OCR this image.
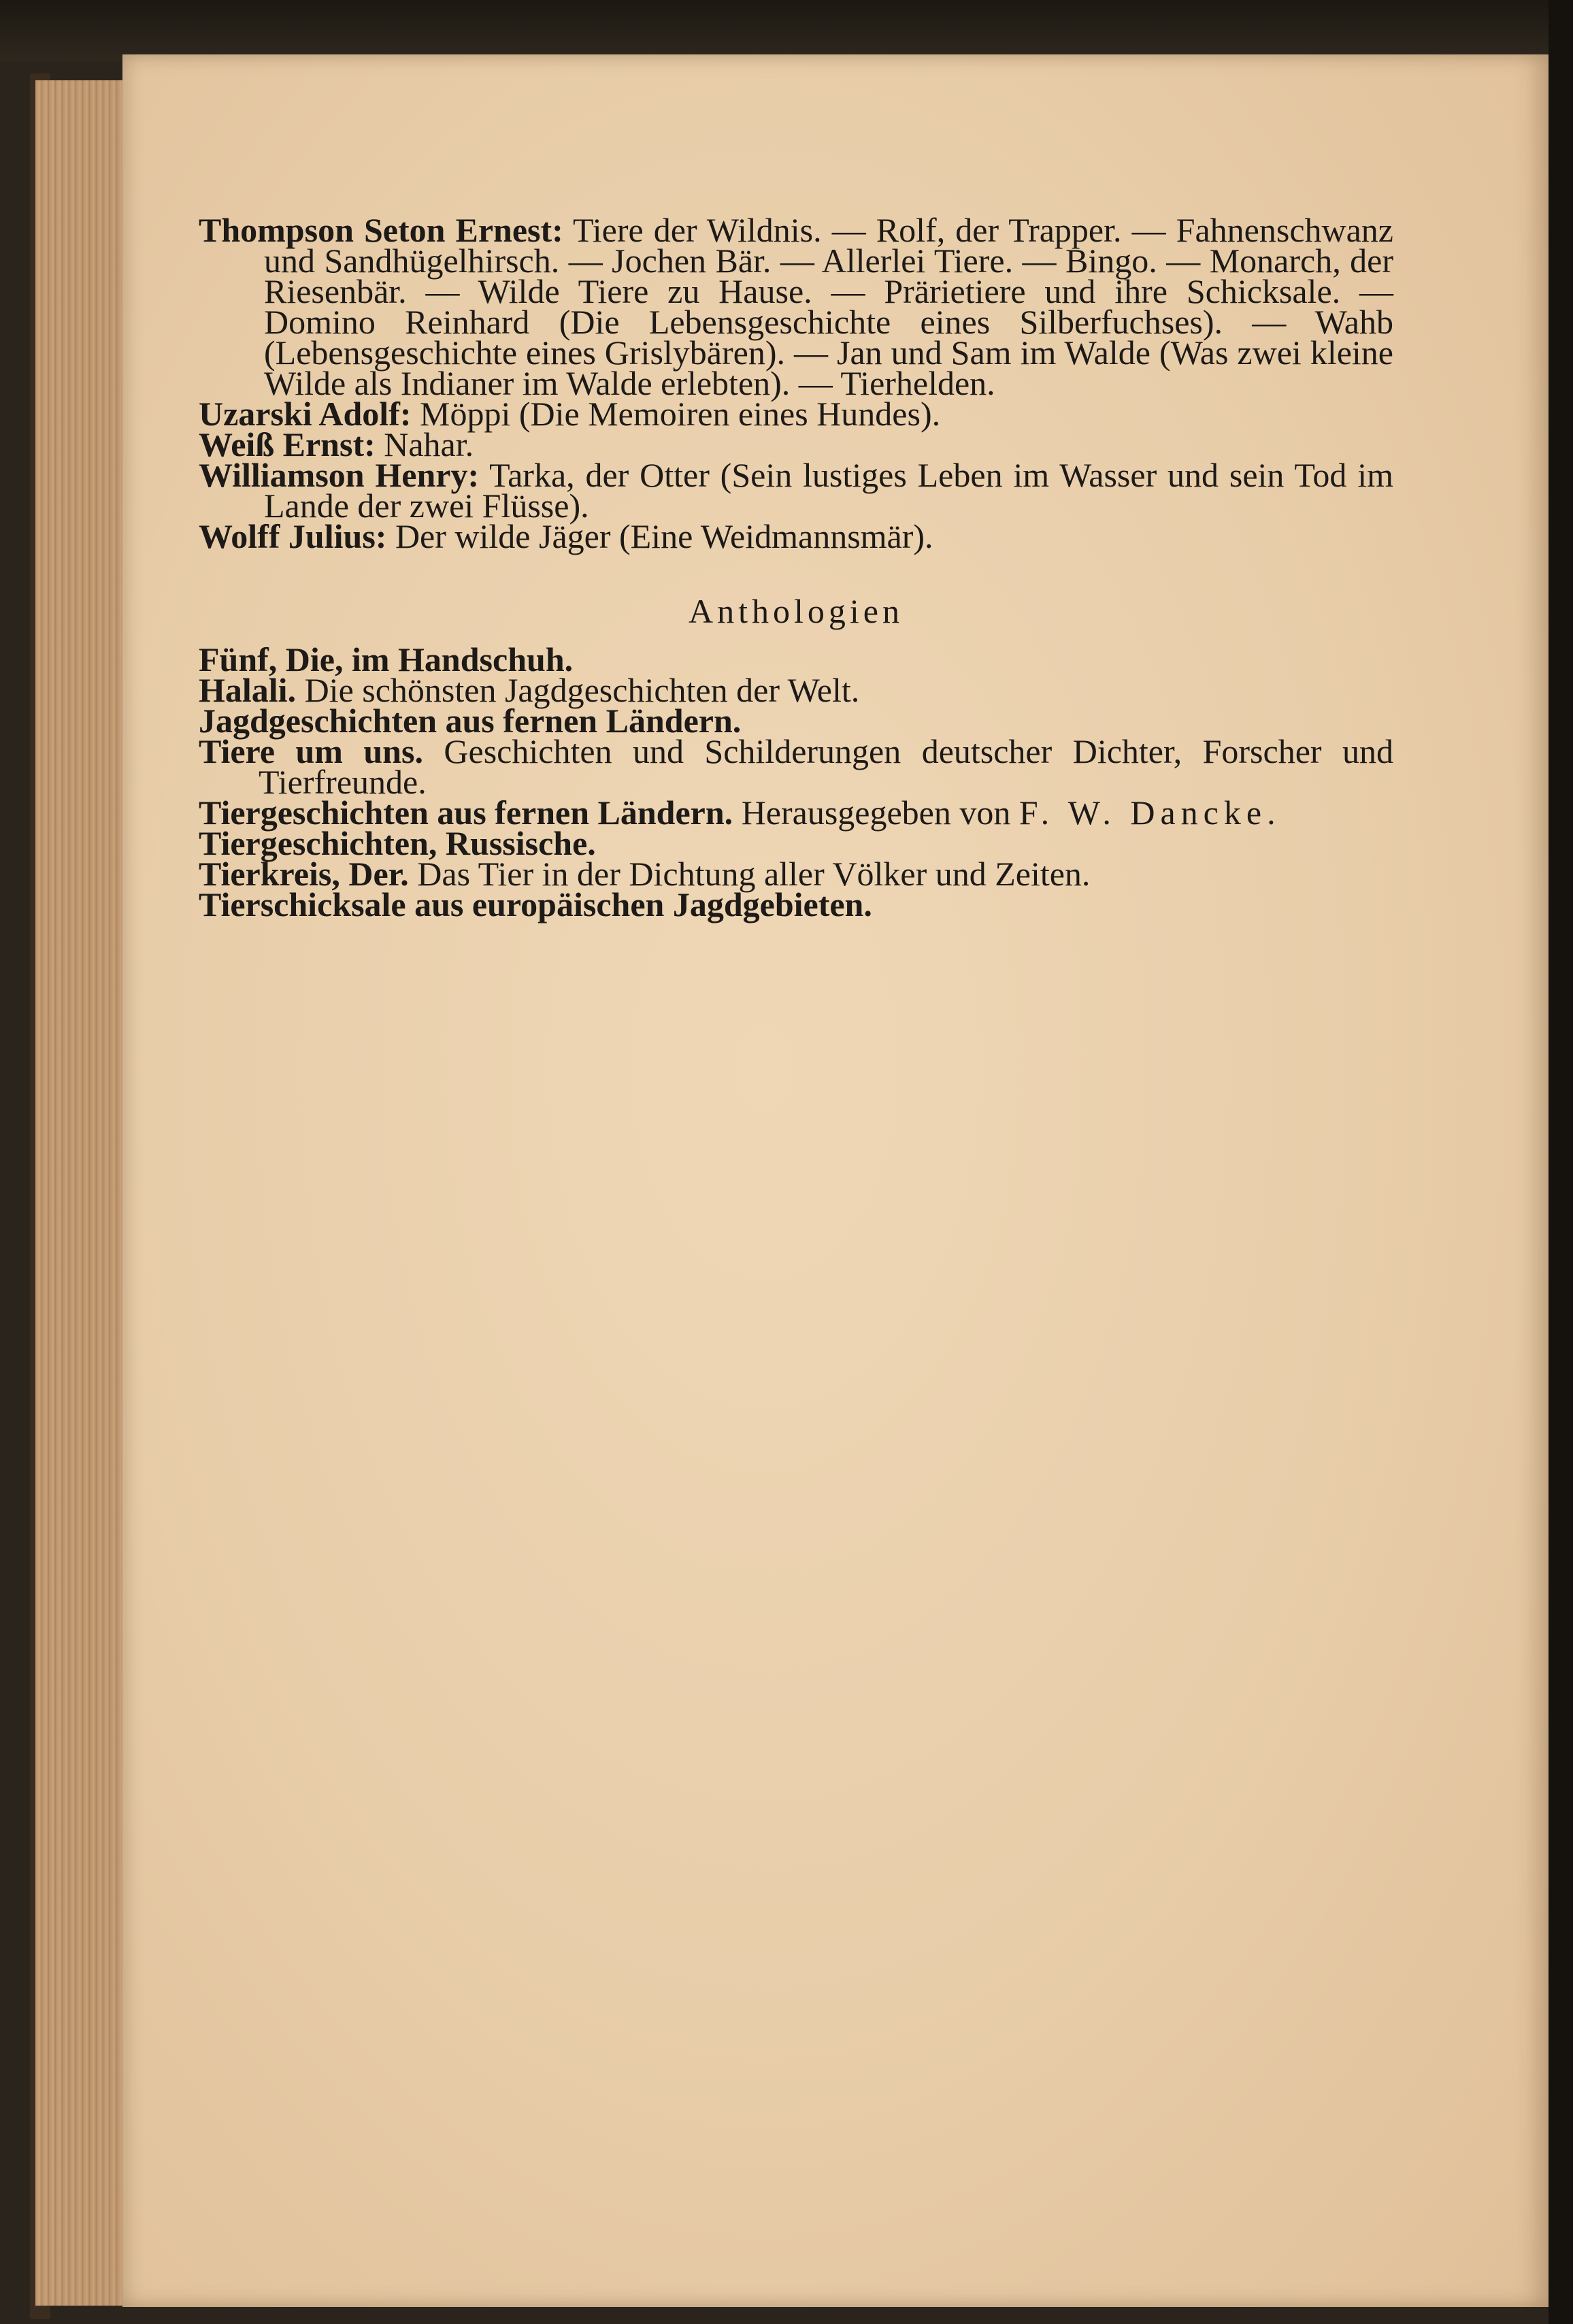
Thompson Seton Ernest: Tiere der Wildnis. — Rolf, der Trapper. — Fahnenschwanz und Sandhügelhirsch. — Jochen Bär. — Allerlei Tiere. — Bingo. — Monarch, der Riesenbär. — Wilde Tiere zu Hause. — Prärietiere und ihre Schicksale. — Domino Reinhard (Die Lebensgeschichte eines Silberfuchses). — Wahb (Lebensgeschichte eines Grislybären). — Jan und Sam im Walde (Was zwei kleine Wilde als Indianer im Walde erlebten). — Tierhelden.

Uzarski Adolf: Möppi (Die Memoiren eines Hundes).

Weiß Ernst: Nahar.

Williamson Henry: Tarka, der Otter (Sein lustiges Leben im Wasser und sein Tod im Lande der zwei Flüsse).

Wolff Julius: Der wilde Jäger (Eine Weidmannsmär).

Anthologien

Fünf, Die, im Handschuh.

Halali. Die schönsten Jagdgeschichten der Welt.

Jagdgeschichten aus fernen Ländern.

Tiere um uns. Geschichten und Schilderungen deutscher Dichter, Forscher und Tierfreunde.

Tiergeschichten aus fernen Ländern. Herausgegeben von F. W. Dancke.

Tiergeschichten, Russische.

Tierkreis, Der. Das Tier in der Dichtung aller Völker und Zeiten.

Tierschicksale aus europäischen Jagdgebieten.
